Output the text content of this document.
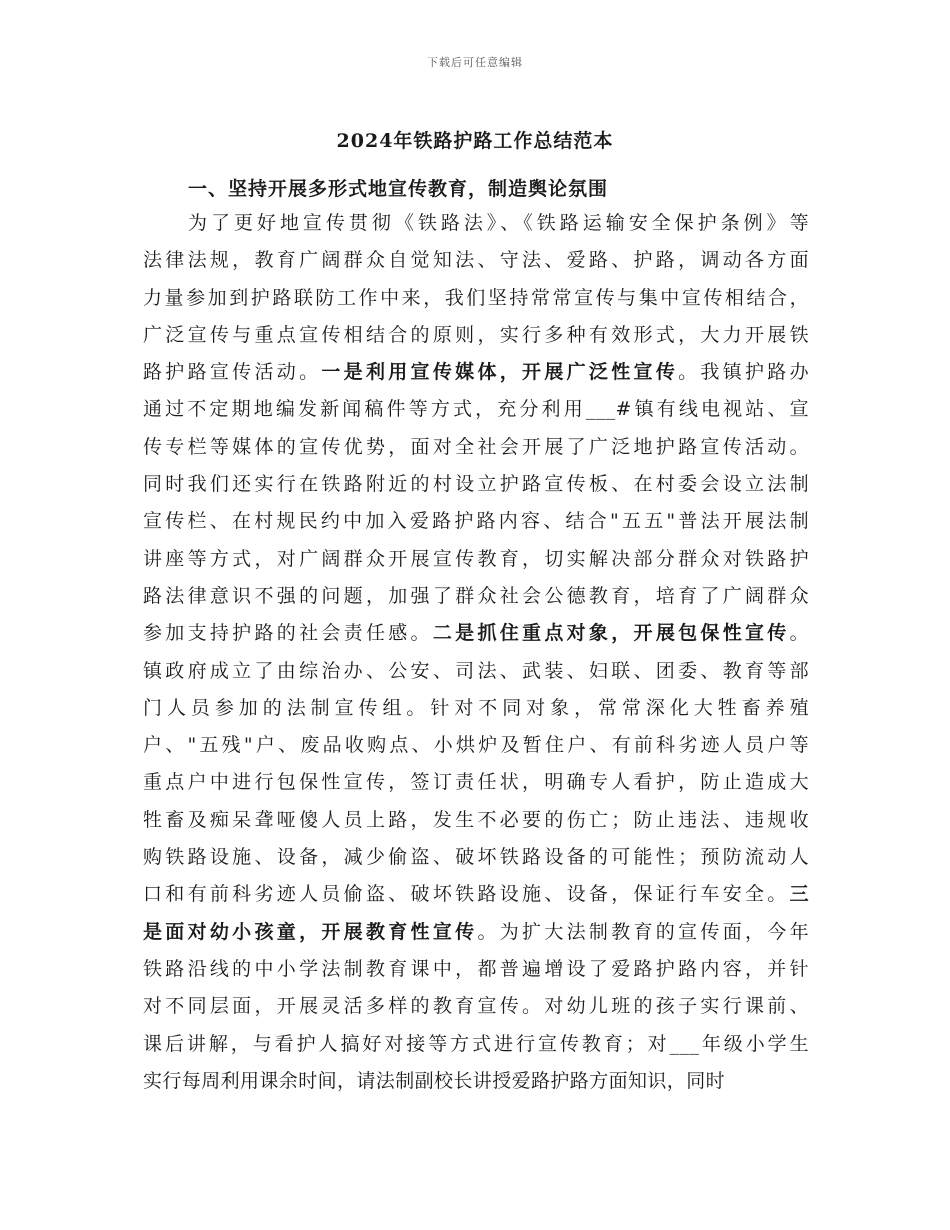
下载后可任意编辑
2024年铁路护路工作总结范本
一、坚持开展多形式地宣传教育，制造舆论氛围
为了更好地宣传贯彻《铁路法》、《铁路运输安全保护条例》等
法律法规，教育广阔群众自觉知法、守法、爱路、护路，调动各方面
力量参加到护路联防工作中来，我们坚持常常宣传与集中宣传相结合，
广泛宣传与重点宣传相结合的原则，实行多种有效形式，大力开展铁
路护路宣传活动。一是利用宣传媒体，开展广泛性宣传。我镇护路办
通过不定期地编发新闻稿件等方式，充分利用___#镇有线电视站、宣
传专栏等媒体的宣传优势，面对全社会开展了广泛地护路宣传活动。
同时我们还实行在铁路附近的村设立护路宣传板、在村委会设立法制
宣传栏、在村规民约中加入爱路护路内容、结合"五五"普法开展法制
讲座等方式，对广阔群众开展宣传教育，切实解决部分群众对铁路护
路法律意识不强的问题，加强了群众社会公德教育，培育了广阔群众
参加支持护路的社会责任感。二是抓住重点对象，开展包保性宣传。
镇政府成立了由综治办、公安、司法、武装、妇联、团委、教育等部
门人员参加的法制宣传组。针对不同对象，常常深化大牲畜养殖
户、"五残"户、废品收购点、小烘炉及暂住户、有前科劣迹人员户等
重点户中进行包保性宣传，签订责任状，明确专人看护，防止造成大
牲畜及痴呆聋哑傻人员上路，发生不必要的伤亡；防止违法、违规收
购铁路设施、设备，减少偷盗、破坏铁路设备的可能性；预防流动人
口和有前科劣迹人员偷盗、破坏铁路设施、设备，保证行车安全。三
是面对幼小孩童，开展教育性宣传。为扩大法制教育的宣传面，今年
铁路沿线的中小学法制教育课中，都普遍增设了爱路护路内容，并针
对不同层面，开展灵活多样的教育宣传。对幼儿班的孩子实行课前、
课后讲解，与看护人搞好对接等方式进行宣传教育；对___年级小学生
实行每周利用课余时间，请法制副校长讲授爱路护路方面知识，同时
